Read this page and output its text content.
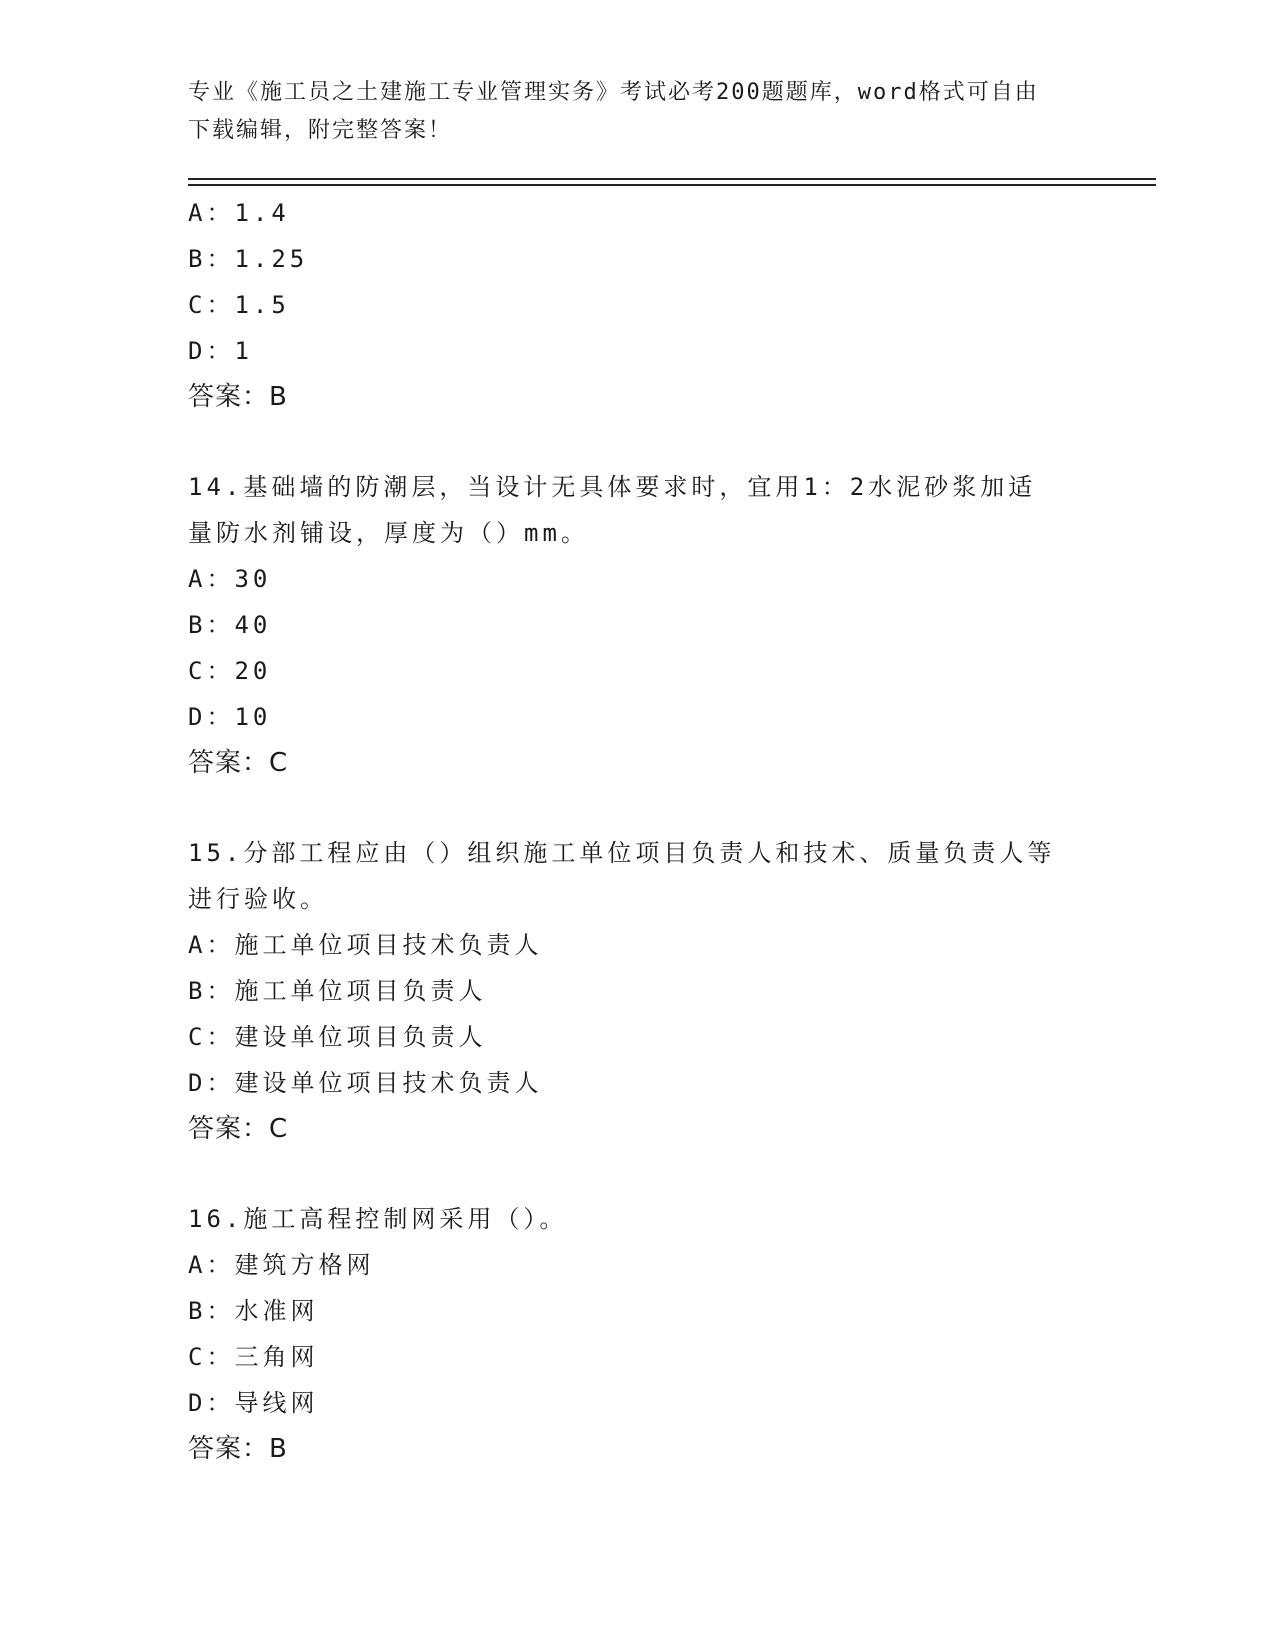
专业《施工员之土建施工专业管理实务》考试必考200题题库，word格式可自由
下载编辑，附完整答案！
A：1.4
B：1.25
C：1.5
D：1
答案：B
14.基础墙的防潮层，当设计无具体要求时，宜用1：2水泥砂浆加适
量防水剂铺设，厚度为（）mm。
A：30
B：40
C：20
D：10
答案：C
15.分部工程应由（）组织施工单位项目负责人和技术、质量负责人等
进行验收。
A：施工单位项目技术负责人
B：施工单位项目负责人
C：建设单位项目负责人
D：建设单位项目技术负责人
答案：C
16.施工高程控制网采用（）。
A：建筑方格网
B：水准网
C：三角网
D：导线网
答案：B
